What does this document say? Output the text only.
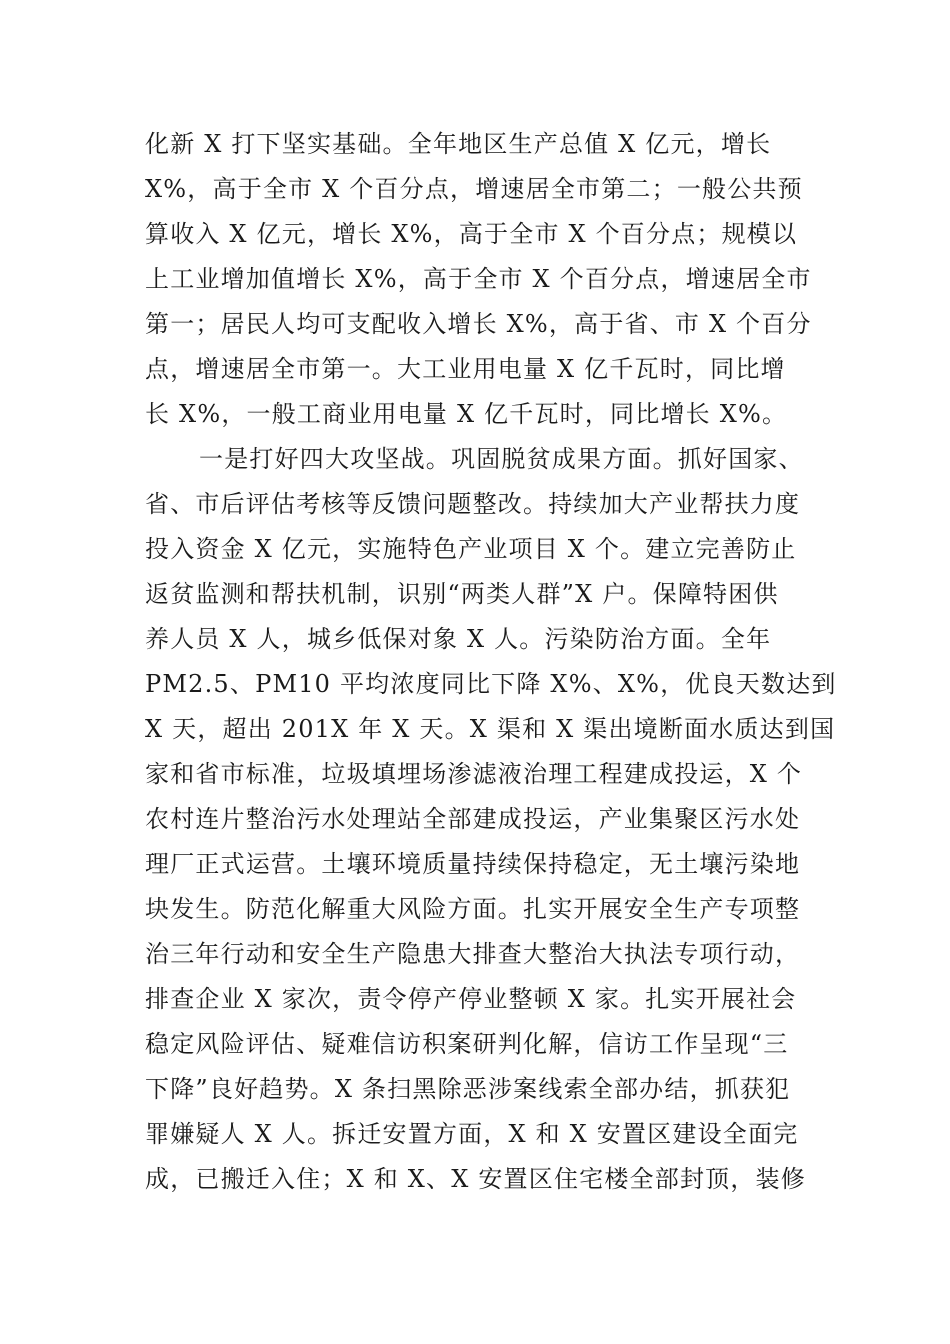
化新 X 打下坚实基础。全年地区生产总值 X 亿元，增长
X%，高于全市 X 个百分点，增速居全市第二；一般公共预
算收入 X 亿元，增长 X%，高于全市 X 个百分点；规模以
上工业增加值增长 X%，高于全市 X 个百分点，增速居全市
第一；居民人均可支配收入增长 X%，高于省、市 X 个百分
点，增速居全市第一。大工业用电量 X 亿千瓦时，同比增
长 X%，一般工商业用电量 X 亿千瓦时，同比增长 X%。
一是打好四大攻坚战。巩固脱贫成果方面。抓好国家、
省、市后评估考核等反馈问题整改。持续加大产业帮扶力度
投入资金 X 亿元，实施特色产业项目 X 个。建立完善防止
返贫监测和帮扶机制，识别“两类人群”X 户。保障特困供
养人员 X 人，城乡低保对象 X 人。污染防治方面。全年
PM2.5、PM10 平均浓度同比下降 X%、X%，优良天数达到
X 天，超出 201X 年 X 天。X 渠和 X 渠出境断面水质达到国
家和省市标准，垃圾填埋场渗滤液治理工程建成投运，X 个
农村连片整治污水处理站全部建成投运，产业集聚区污水处
理厂正式运营。土壤环境质量持续保持稳定，无土壤污染地
块发生。防范化解重大风险方面。扎实开展安全生产专项整
治三年行动和安全生产隐患大排查大整治大执法专项行动，
排查企业 X 家次，责令停产停业整顿 X 家。扎实开展社会
稳定风险评估、疑难信访积案研判化解，信访工作呈现“三
下降”良好趋势。X 条扫黑除恶涉案线索全部办结，抓获犯
罪嫌疑人 X 人。拆迁安置方面，X 和 X 安置区建设全面完
成，已搬迁入住；X 和 X、X 安置区住宅楼全部封顶，装修
